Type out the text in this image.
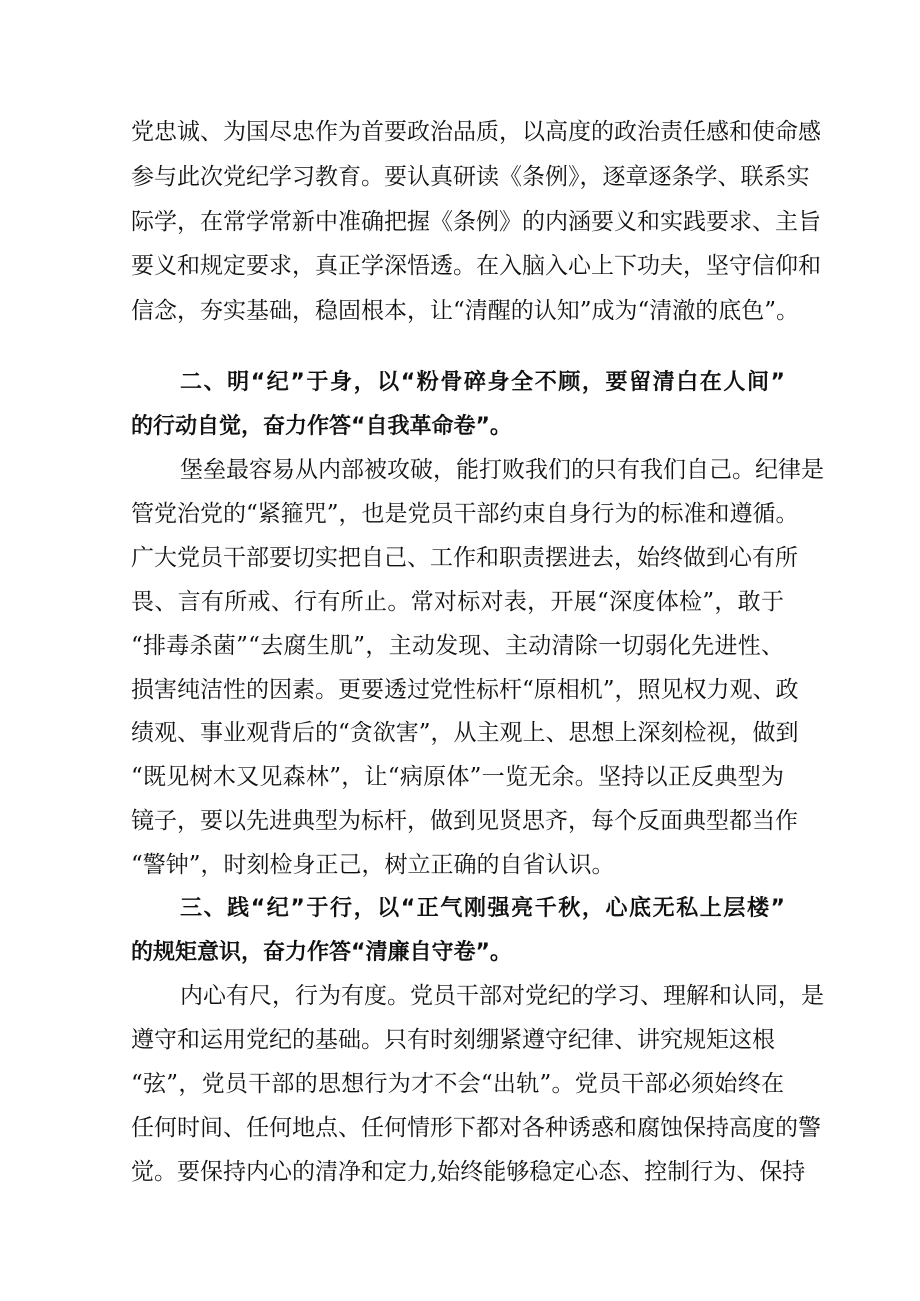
党忠诚、为国尽忠作为首要政治品质，以高度的政治责任感和使命感
参与此次党纪学习教育。要认真研读《条例》，逐章逐条学、联系实
际学，在常学常新中准确把握《条例》的内涵要义和实践要求、主旨
要义和规定要求，真正学深悟透。在入脑入心上下功夫，坚守信仰和
信念，夯实基础，稳固根本，让“清醒的认知”成为“清澈的底色”。
二、明“纪”于身，以“粉骨碎身全不顾，要留清白在人间”
的行动自觉，奋力作答“自我革命卷”。
堡垒最容易从内部被攻破，能打败我们的只有我们自己。纪律是
管党治党的“紧箍咒”，也是党员干部约束自身行为的标准和遵循。
广大党员干部要切实把自己、工作和职责摆进去，始终做到心有所
畏、言有所戒、行有所止。常对标对表，开展“深度体检”，敢于
“排毒杀菌”“去腐生肌”，主动发现、主动清除一切弱化先进性、
损害纯洁性的因素。更要透过党性标杆“原相机”，照见权力观、政
绩观、事业观背后的“贪欲害”，从主观上、思想上深刻检视，做到
“既见树木又见森林”，让“病原体”一览无余。坚持以正反典型为
镜子，要以先进典型为标杆，做到见贤思齐，每个反面典型都当作
“警钟”，时刻检身正己，树立正确的自省认识。
三、践“纪”于行，以“正气刚强亮千秋，心底无私上层楼”
的规矩意识，奋力作答“清廉自守卷”。
内心有尺，行为有度。党员干部对党纪的学习、理解和认同，是
遵守和运用党纪的基础。只有时刻绷紧遵守纪律、讲究规矩这根
“弦”，党员干部的思想行为才不会“出轨”。党员干部必须始终在
任何时间、任何地点、任何情形下都对各种诱惑和腐蚀保持高度的警
觉。要保持内心的清净和定力,始终能够稳定心态、控制行为、保持
